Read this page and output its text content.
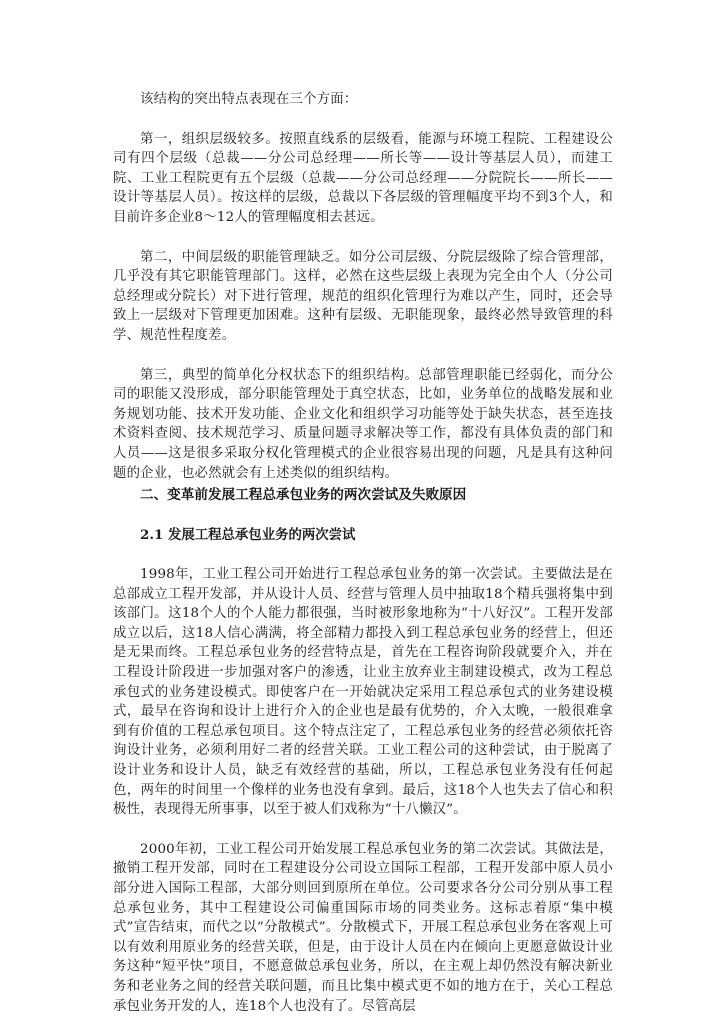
该结构的突出特点表现在三个方面：

第一，组织层级较多。按照直线系的层级看，能源与环境工程院、工程建设公司有四个层级（总裁——分公司总经理——所长等——设计等基层人员），而建工院、工业工程院更有五个层级（总裁——分公司总经理——分院院长——所长——设计等基层人员）。按这样的层级，总裁以下各层级的管理幅度平均不到3个人，和目前许多企业8～12人的管理幅度相去甚远。

第二，中间层级的职能管理缺乏。如分公司层级、分院层级除了综合管理部，几乎没有其它职能管理部门。这样，必然在这些层级上表现为完全由个人（分公司总经理或分院长）对下进行管理，规范的组织化管理行为难以产生，同时，还会导致上一层级对下管理更加困难。这种有层级、无职能现象，最终必然导致管理的科学、规范性程度差。

第三，典型的简单化分权状态下的组织结构。总部管理职能已经弱化，而分公司的职能又没形成，部分职能管理处于真空状态，比如，业务单位的战略发展和业务规划功能、技术开发功能、企业文化和组织学习功能等处于缺失状态，甚至连技术资料查阅、技术规范学习、质量问题寻求解决等工作，都没有具体负责的部门和人员——这是很多采取分权化管理模式的企业很容易出现的问题，凡是具有这种问题的企业，也必然就会有上述类似的组织结构。

二、变革前发展工程总承包业务的两次尝试及失败原因
2.1 发展工程总承包业务的两次尝试

1998年，工业工程公司开始进行工程总承包业务的第一次尝试。主要做法是在总部成立工程开发部，并从设计人员、经营与管理人员中抽取18个精兵强将集中到该部门。这18个人的个人能力都很强，当时被形象地称为“十八好汉”。工程开发部成立以后，这18人信心满满，将全部精力都投入到工程总承包业务的经营上，但还是无果而终。工程总承包业务的经营特点是，首先在工程咨询阶段就要介入，并在工程设计阶段进一步加强对客户的渗透，让业主放弃业主制建设模式，改为工程总承包式的业务建设模式。即使客户在一开始就决定采用工程总承包式的业务建设模式，最早在咨询和设计上进行介入的企业也是最有优势的，介入太晚，一般很难拿到有价值的工程总承包项目。这个特点注定了，工程总承包业务的经营必须依托咨询设计业务，必须利用好二者的经营关联。工业工程公司的这种尝试，由于脱离了设计业务和设计人员，缺乏有效经营的基础，所以，工程总承包业务没有任何起色，两年的时间里一个像样的业务也没有拿到。最后，这18个人也失去了信心和积极性，表现得无所事事，以至于被人们戏称为“十八懒汉”。

2000年初，工业工程公司开始发展工程总承包业务的第二次尝试。其做法是，撤销工程开发部，同时在工程建设分公司设立国际工程部，工程开发部中原人员小部分进入国际工程部，大部分则回到原所在单位。公司要求各分公司分别从事工程总承包业务，其中工程建设公司偏重国际市场的同类业务。这标志着原“集中模式”宣告结束，而代之以“分散模式”。分散模式下，开展工程总承包业务在客观上可以有效利用原业务的经营关联，但是，由于设计人员在内在倾向上更愿意做设计业务这种“短平快”项目，不愿意做总承包业务，所以，在主观上却仍然没有解决新业务和老业务之间的经营关联问题，而且比集中模式更不如的地方在于，关心工程总承包业务开发的人，连18个人也没有了。尽管高层
